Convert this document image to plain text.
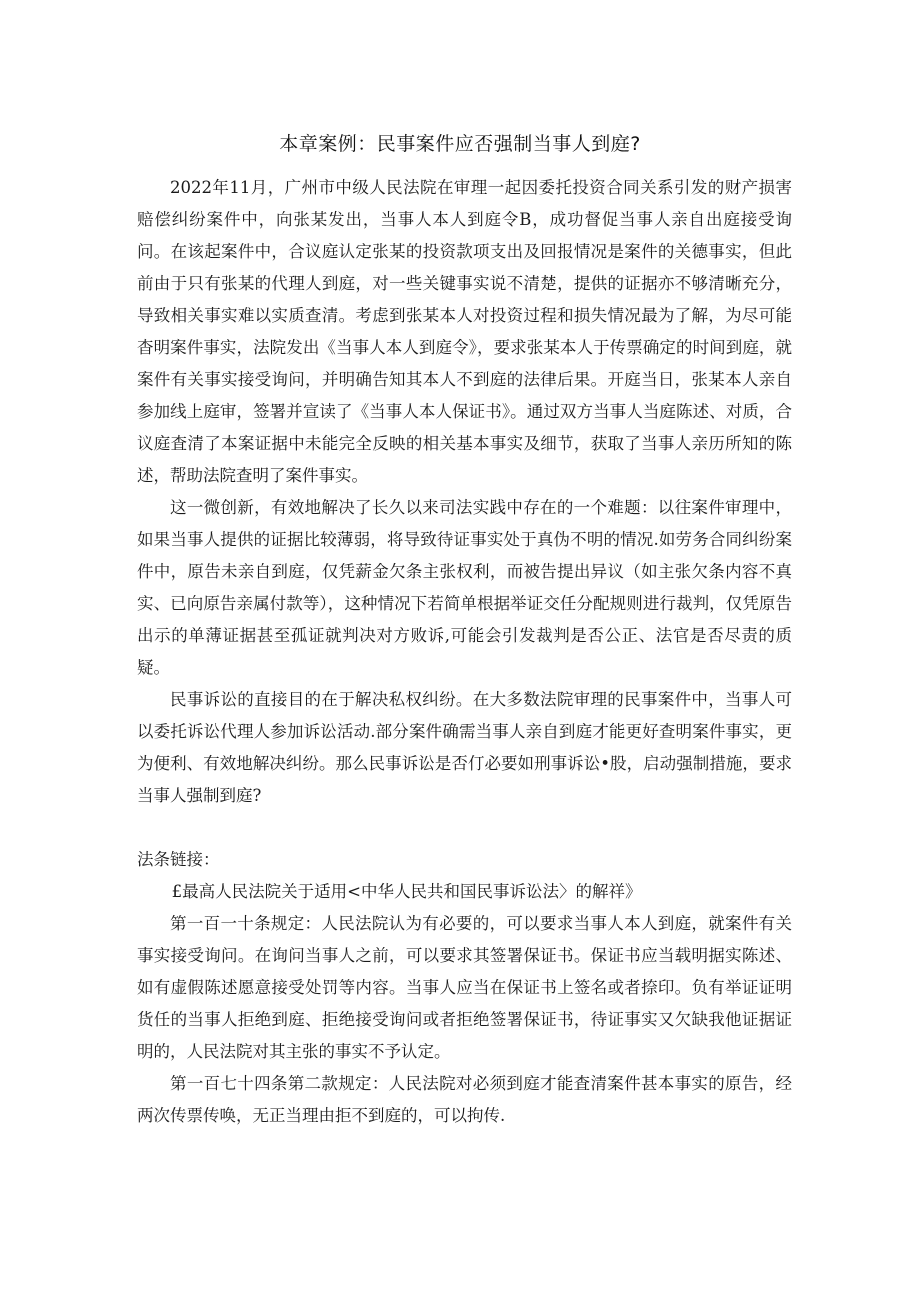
本章案例：民事案件应否强制当事人到庭?

2022年11月，广州市中级人民法院在审理一起因委托投资合同关系引发的财产损害赔偿纠纷案件中，向张某发出，当事人本人到庭令B，成功督促当事人亲自出庭接受询问。在该起案件中，合议庭认定张某的投资款项支出及回报情况是案件的关德事实，但此前由于只有张某的代理人到庭，对一些关键事实说不清楚，提供的证据亦不够清晰充分，导致相关事实难以实质查清。考虑到张某本人对投资过程和损失情况最为了解，为尽可能杳明案件事实，法院发出《当事人本人到庭令》，要求张某本人于传票确定的时间到庭，就案件有关事实接受询问，并明确告知其本人不到庭的法律后果。开庭当日，张某本人亲自参加线上庭审，签署并宣读了《当事人本人保证书》。通过双方当事人当庭陈述、对质，合议庭査清了本案证据中未能完全反映的相关基本事实及细节，获取了当事人亲历所知的陈述，帮助法院查明了案件事实。

这一微创新，有效地解决了长久以来司法实践中存在的一个难题：以往案件审理中，如果当事人提供的证据比较薄弱，将导致待证事实处于真伪不明的情况.如劳务合同纠纷案件中，原告未亲自到庭，仅凭薪金欠条主张权利，而被告提出异议（如主张欠条内容不真实、已向原告亲属付款等），这种情况下若简单根据举证交任分配规则进行裁判，仅凭原告出示的单薄证据甚至孤证就判决对方败诉,可能会引发裁判是否公正、法官是否尽责的质疑。

民事诉讼的直接目的在于解决私权纠纷。在大多数法院审理的民事案件中，当事人可以委托诉讼代理人参加诉讼活动.部分案件确需当事人亲自到庭才能更好查明案件事实，更为便利、有效地解决纠纷。那么民事诉讼是否仃必要如刑事诉讼•股，启动强制措施，要求当事人强制到庭?

法条链接：

£最高人民法院关于适用<中华人民共和国民事诉讼法〉的解祥》

第一百一十条规定：人民法院认为有必要的，可以要求当事人本人到庭，就案件有关事实接受询问。在询问当事人之前，可以要求其签署保证书。保证书应当载明据实陈述、如有虚假陈述愿意接受处罚等内容。当事人应当在保证书上签名或者捺印。负有举证证明货任的当事人拒绝到庭、拒绝接受询问或者拒绝签署保证书，待证事实又欠缺我他证据证明的，人民法院对其主张的事实不予认定。

第一百七十四条第二款规定：人民法院对必须到庭才能査清案件甚本事实的原告，经两次传票传唤，无正当理由拒不到庭的，可以拘传.
